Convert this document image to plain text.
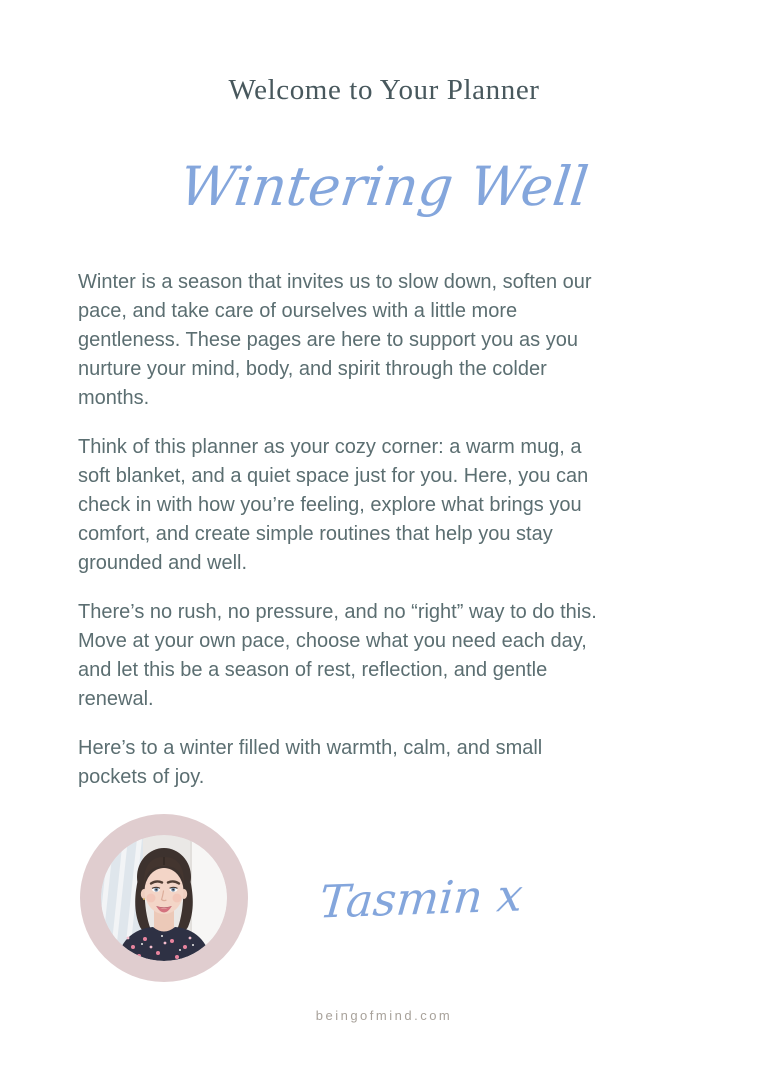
Welcome to Your Planner
Wintering Well

Winter is a season that invites us to slow down, soften our pace, and take care of ourselves with a little more gentleness. These pages are here to support you as you nurture your mind, body, and spirit through the colder months.

Think of this planner as your cozy corner: a warm mug, a soft blanket, and a quiet space just for you. Here, you can check in with how you’re feeling, explore what brings you comfort, and create simple routines that help you stay grounded and well.

There’s no rush, no pressure, and no “right” way to do this. Move at your own pace, choose what you need each day, and let this be a season of rest, reflection, and gentle renewal.

Here’s to a winter filled with warmth, calm, and small pockets of joy.

Tasmin x
beingofmind.com
